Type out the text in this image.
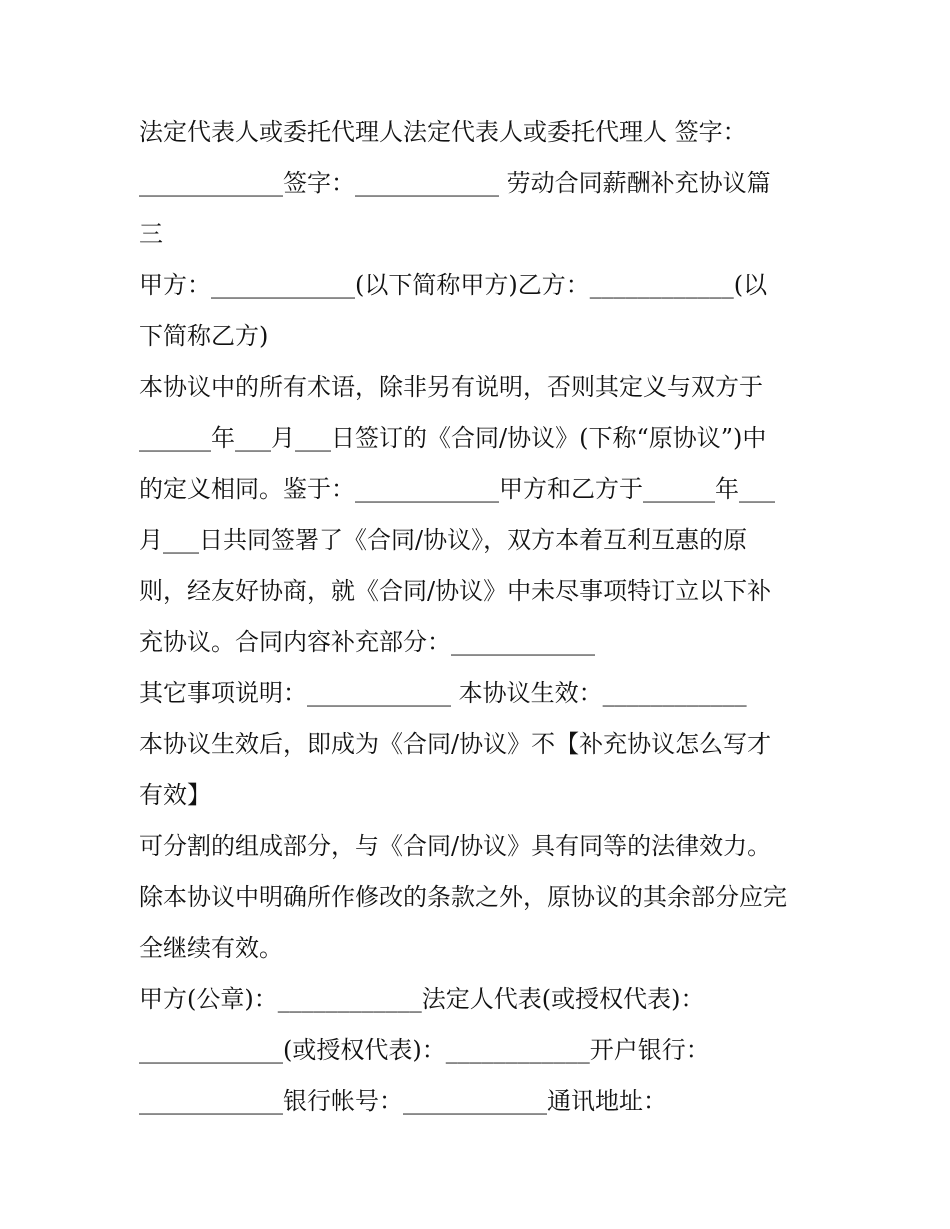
法定代表人或委托代理人法定代表人或委托代理人 签字：
____________签字：____________ 劳动合同薪酬补充协议篇
三
甲方：____________(以下简称甲方)乙方：____________(以
下简称乙方)
本协议中的所有术语，除非另有说明，否则其定义与双方于
______年___月___日签订的《合同/协议》(下称“原协议”)中
的定义相同。鉴于：____________甲方和乙方于______年___
月___日共同签署了《合同/协议》，双方本着互利互惠的原
则，经友好协商，就《合同/协议》中未尽事项特订立以下补
充协议。合同内容补充部分：____________
其它事项说明：____________ 本协议生效：____________
本协议生效后，即成为《合同/协议》不【补充协议怎么写才
有效】
可分割的组成部分，与《合同/协议》具有同等的法律效力。
除本协议中明确所作修改的条款之外，原协议的其余部分应完
全继续有效。
甲方(公章)：____________法定人代表(或授权代表)：
____________(或授权代表)：____________开户银行：
____________银行帐号：____________通讯地址：
